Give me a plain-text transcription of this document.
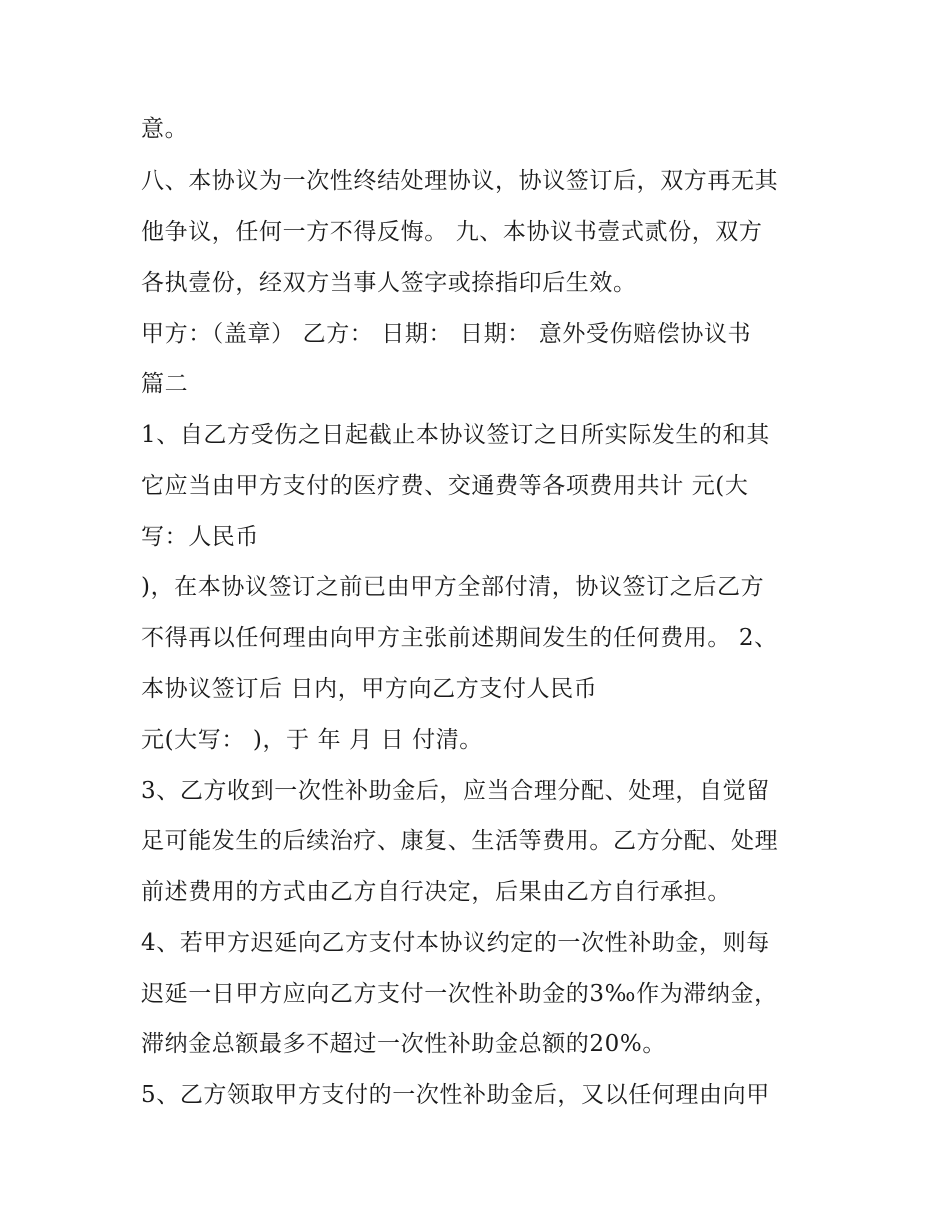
意。
八、本协议为一次性终结处理协议，协议签订后，双方再无其
他争议，任何一方不得反悔。 九、本协议书壹式贰份，双方
各执壹份，经双方当事人签字或捺指印后生效。
甲方：（盖章） 乙方： 日期： 日期： 意外受伤赔偿协议书
篇二
1、自乙方受伤之日起截止本协议签订之日所实际发生的和其
它应当由甲方支付的医疗费、交通费等各项费用共计 元(大
写：人民币
)，在本协议签订之前已由甲方全部付清，协议签订之后乙方
不得再以任何理由向甲方主张前述期间发生的任何费用。 2、
本协议签订后 日内，甲方向乙方支付人民币
元(大写： )，于 年 月 日 付清。
3、乙方收到一次性补助金后，应当合理分配、处理，自觉留
足可能发生的后续治疗、康复、生活等费用。乙方分配、处理
前述费用的方式由乙方自行决定，后果由乙方自行承担。
4、若甲方迟延向乙方支付本协议约定的一次性补助金，则每
迟延一日甲方应向乙方支付一次性补助金的3‰作为滞纳金，
滞纳金总额最多不超过一次性补助金总额的20%。
5、乙方领取甲方支付的一次性补助金后，又以任何理由向甲
